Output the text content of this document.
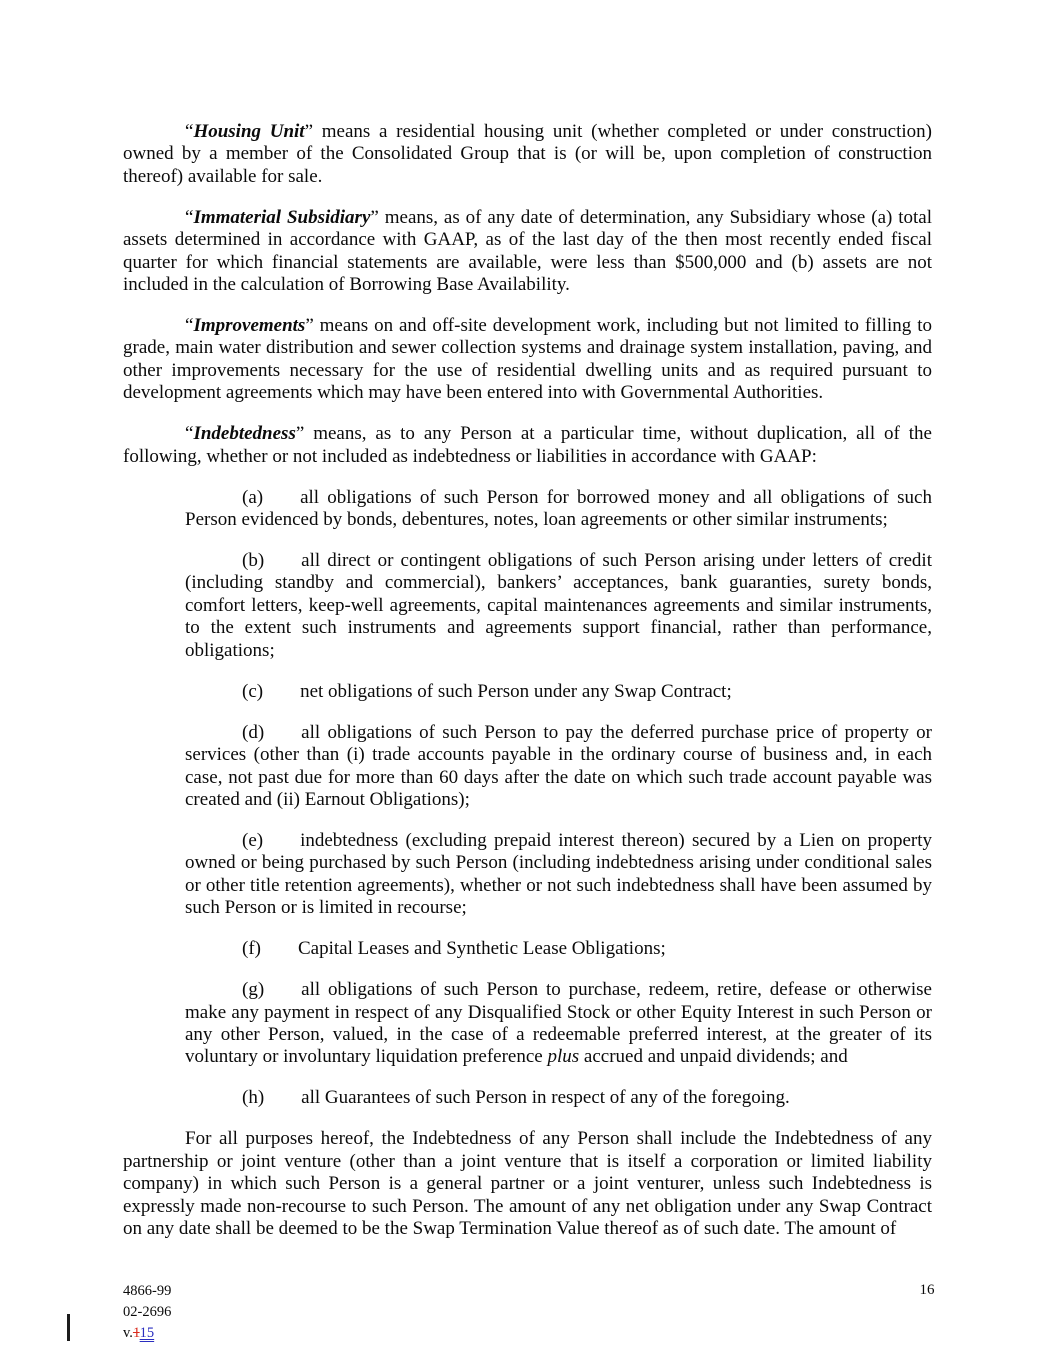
“Housing Unit” means a residential housing unit (whether completed or under construction) owned by a member of the Consolidated Group that is (or will be, upon completion of construction thereof) available for sale.

“Immaterial Subsidiary” means, as of any date of determination, any Subsidiary whose (a) total assets determined in accordance with GAAP, as of the last day of the then most recently ended fiscal quarter for which financial statements are available, were less than $500,000 and (b) assets are not included in the calculation of Borrowing Base Availability.

“Improvements” means on and off-site development work, including but not limited to filling to grade, main water distribution and sewer collection systems and drainage system installation, paving, and other improvements necessary for the use of residential dwelling units and as required pursuant to development agreements which may have been entered into with Governmental Authorities.

“Indebtedness” means, as to any Person at a particular time, without duplication, all of the following, whether or not included as indebtedness or liabilities in accordance with GAAP:

(a) all obligations of such Person for borrowed money and all obligations of such Person evidenced by bonds, debentures, notes, loan agreements or other similar instruments;

(b) all direct or contingent obligations of such Person arising under letters of credit (including standby and commercial), bankers’ acceptances, bank guaranties, surety bonds, comfort letters, keep-well agreements, capital maintenances agreements and similar instruments, to the extent such instruments and agreements support financial, rather than performance, obligations;

(c) net obligations of such Person under any Swap Contract;

(d) all obligations of such Person to pay the deferred purchase price of property or services (other than (i) trade accounts payable in the ordinary course of business and, in each case, not past due for more than 60 days after the date on which such trade account payable was created and (ii) Earnout Obligations);

(e) indebtedness (excluding prepaid interest thereon) secured by a Lien on property owned or being purchased by such Person (including indebtedness arising under conditional sales or other title retention agreements), whether or not such indebtedness shall have been assumed by such Person or is limited in recourse;

(f) Capital Leases and Synthetic Lease Obligations;

(g) all obligations of such Person to purchase, redeem, retire, defease or otherwise make any payment in respect of any Disqualified Stock or other Equity Interest in such Person or any other Person, valued, in the case of a redeemable preferred interest, at the greater of its voluntary or involuntary liquidation preference plus accrued and unpaid dividends; and

(h) all Guarantees of such Person in respect of any of the foregoing.

For all purposes hereof, the Indebtedness of any Person shall include the Indebtedness of any partnership or joint venture (other than a joint venture that is itself a corporation or limited liability company) in which such Person is a general partner or a joint venturer, unless such Indebtedness is expressly made non-recourse to such Person. The amount of any net obligation under any Swap Contract on any date shall be deemed to be the Swap Termination Value thereof as of such date. The amount of

4866-99
02-2696
v.115
16
